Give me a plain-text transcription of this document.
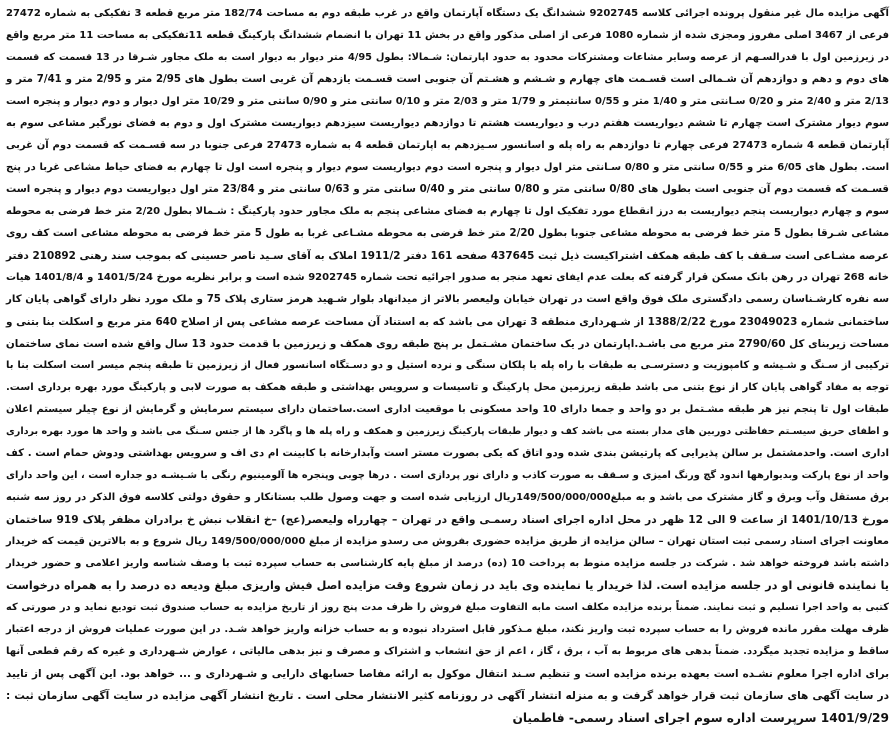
آگهی مزایده مال غیر منقول پرونده اجرائی کلاسه 9202745 ششدانگ یک دستگاه آپارتمان واقع در غرب طبقه دوم به مساحت 182/74 متر مربع قطعه 3 تفکیکی به شماره 27472
فرعی از 3467 اصلی مفروز ومجزی شده از شماره 1080 فرعی از اصلی مذکور واقع در بخش 11 تهران با انضمام ششدانگ پارکینگ قطعه 11تفکیکی به مساحت 11 متر مربع واقع
در زیرزمین اول با قدرالسـهم از عرصه وسایر مشاعات ومشترکات محدود به حدود اپارتمان: شـمالا: بطول 4/95 متر دیوار به دیوار است به ملک مجاور شـرقا در 13 قسمت که قسمت
های دوم و دهم و دوازدهم آن شـمالی است قسـمت های چهارم و شـشم و هشـتم آن جنوبی است قسـمت یازدهم آن غربی است بطول های 2/95 متر و 2/95 متر و 7/41 متر و
2/13 متر و 2/40 متر و 0/20 سـانتی متر و 1/40 متر و 0/55 سانتیمتر و 1/79 متر و 2/03 متر و 0/10 سانتی متر و 0/90 سانتی متر و 10/29 متر اول دیوار و دوم دیوار و پنجره است
سوم دیوار مشترک است چهارم تا ششم دیواریست هفتم درب و دیواریست هشتم تا دوازدهم دیواریست سیزدهم دیواریست مشترک اول و دوم به فضای نورگیر مشاعی سوم به
آپارتمان قطعه 4 شماره 27473 فرعی چهارم تا دوازدهم به راه پله و اسانسور سـیزدهم به اپارتمان قطعه 4 به شماره 27473 فرعی جنوبا در سه قسـمت که قسمت دوم آن غربی
است. بطول های 6/05 متر و 0/55 سانتی متر و 0/80 سـانتی متر اول دیوار و پنجره است دوم دیواریست سوم دیوار و پنجره است اول تا چهارم به فضای حیاط مشاعی غربا در پنج
قسـمت که قسمت دوم آن جنوبی است بطول های 0/80 سانتی متر و 0/80 سانتی متر و 0/40 سانتی متر و 0/63 سانتی متر و 23/84 متر اول دیواریست دوم دیوار و پنجره است
سوم و چهارم دیواریست پنجم دیواریست به درز انقطاع مورد تفکیک اول تا چهارم به فضای مشاعی پنجم به ملک مجاور حدود پارکینگ : شـمالا بطول 2/20 متر خط فرضی به محوطه
مشاعی شـرقا بطول 5 متر خط فرضی به محوطه مشاعی جنوبا بطول 2/20 متر خط فرضی به محوطه مشـاعی غربا به طول 5 متر خط فرضی به محوطه مشاعی است کف روی
عرصه مشـاعی است سـقف با کف طبقه همکف اشتراکیست ذیل ثبت 437645 صفحه 161 دفتر 1911/2 املاک به آقای سـید ناصر حسینی که بموجب سند رهنی 210892 دفتر
خانه 268 تهران در رهن بانک مسکن قرار گرفته که بعلت عدم ایفای تعهد منجر به صدور اجرائیه تحت شماره 9202745 شده است و برابر نظریه مورخ 1401/5/24 و 1401/8/4 هیات
سه نفره کارشـناسان رسمی دادگستری ملک فوق واقع است در تهران خیابان ولیعصر بالاتر از میدانهاد بلوار شـهید هرمز ستاری پلاک 75 و ملک مورد نظر دارای گواهی پایان کار
ساختمانی شماره 23049023 مورخ 1388/2/22 از شـهرداری منطقه 3 تهران می باشد که به استناد آن مساحت عرصه مشاعی پس از اصلاح 640 متر مربع و اسکلت بنا بتنی و
مساحت زیربنای کل 2790/60 متر مربع می باشـد.اپارتمان در یک ساختمان مشـتمل بر پنج طبقه روی همکف و زیرزمین با قدمت حدود 13 سال واقع شده است نمای ساختمان
ترکیبی از سـنگ و شـیشه و کامپوزیت و دسترسـی به طبقات با راه پله با پلکان سنگی و نرده استیل و دو دسـتگاه اسانسور فعال از زیرزمین تا طبقه پنجم میسر است اسکلت بنا با
توجه به مفاد گواهی پایان کار از نوع بتنی می باشد طبقه زیرزمین محل پارکینگ و تاسیسات و سرویس بهداشتی و طبقه همکف به صورت لابی و پارکینگ مورد بهره برداری است.
طبقات اول تا پنجم نیز هر طبقه مشـتمل بر دو واحد و جمعا دارای 10 واحد مسکونی با موقعیت اداری است.ساختمان دارای سیستم سرمایش و گرمایش از نوع چیلر سیستم اعلان
و اطفای حریق سیسـتم حفاظتی دوربین های مدار بسته می باشد کف و دیوار طبقات پارکینگ زیرزمین و همکف و راه پله ها و پاگرد ها از جنس سـنگ می باشد و واحد ها مورد بهره برداری
اداری است. واحدمشتمل بر سالن پذیرایی که پارتیشن بندی شده ودو اتاق که یکی بصورت مستر است وآبدارخانه با کابینت ام دی اف و سرویس بهداشتی ودوش حمام است . کف
واحد از نوع پارکت وبدیوارهها اندود گچ ورنگ امیزی و سـقف به صورت کاذب و دارای نور پردازی است . درها چوبی وپنجره ها آلومینیوم رنگی با شـیشـه دو جداره است ، این واحد دارای
برق مستقل وآب وبرق و گاز مشترک می باشد و به مبلغ149/500/000/000ریال ارزیابی شده است و جهت وصول طلب بستانکار و حقوق دولتی کلاسه فوق الذکر در روز سه شنبه
مورخ 1401/10/13 از ساعت 9 الی 12 ظهر در محل اداره اجرای اسناد رسمـی واقع در تهران – چهارراه ولیعصر(عج) –خ انقلاب نبش خ برادران مظفر پلاک 919 ساختمان
معاونت اجرای اسناد رسمی ثبت استان تهران – سالن مزایده از طریق مزایده حضوری بفروش می رسدو مزایده از مبلغ 149/500/000/000 ریال شروع و به بالاترین قیمت که خریدار
داشته باشد فروخته خواهد شد . شرکت در جلسه مزایده منوط به پرداخت 10 (ده) درصد از مبلغ پایه کارشناسی به حساب سپرده ثبت با وصف شناسه واریز اعلامی و حضور خریدار
یا نماینده قانونی او در جلسه مزایده است. لذا خریدار یا نماینده وی باید در زمان شروع وقت مزایده اصل فیش واریزی مبلغ ودیعه ده درصد را به همراه درخواست
کتبی به واحد اجرا تسلیم و ثبت نمایند. ضمناً برنده مزایده مکلف است مابه التفاوت مبلغ فروش را ظرف مدت پنج روز از تاریخ مزایده به حساب صندوق ثبت تودیع نماید و در صورتی که
ظرف مهلت مقرر مانده فروش را به حساب سپرده ثبت واریز نکند، مبلغ مـذکور قابل استرداد نبوده و به حساب خزانه واریز خواهد شـد. در این صورت عملیات فروش از درجه اعتبار
ساقط و مزایده تجدید میگردد. ضمناً بدهی های مربوط به آب ، برق ، گاز ، اعم از حق انشعاب و اشتراک و مصرف و نیز بدهی مالیاتی ، عوارض شـهرداری و غیره که رقم قطعی آنها
برای اداره اجرا معلوم نشـده است بعهده برنده مزایده است و تنظیم سـند انتقال موکول به ارائه مفاصا حسابهای دارایی و شـهرداری و ... خواهد بود. این آگهی پس از تایید
در سایت آگهی های سازمان ثبت قرار خواهد گرفت و به منزله انتشار آگهی در روزنامه کثیر الانتشار محلی است . تاریخ انتشار آگهی مزایده در سایت آگهی سازمان ثبت :
1401/9/29 سرپرست اداره سوم اجرای اسناد رسمی- فاطمیان
